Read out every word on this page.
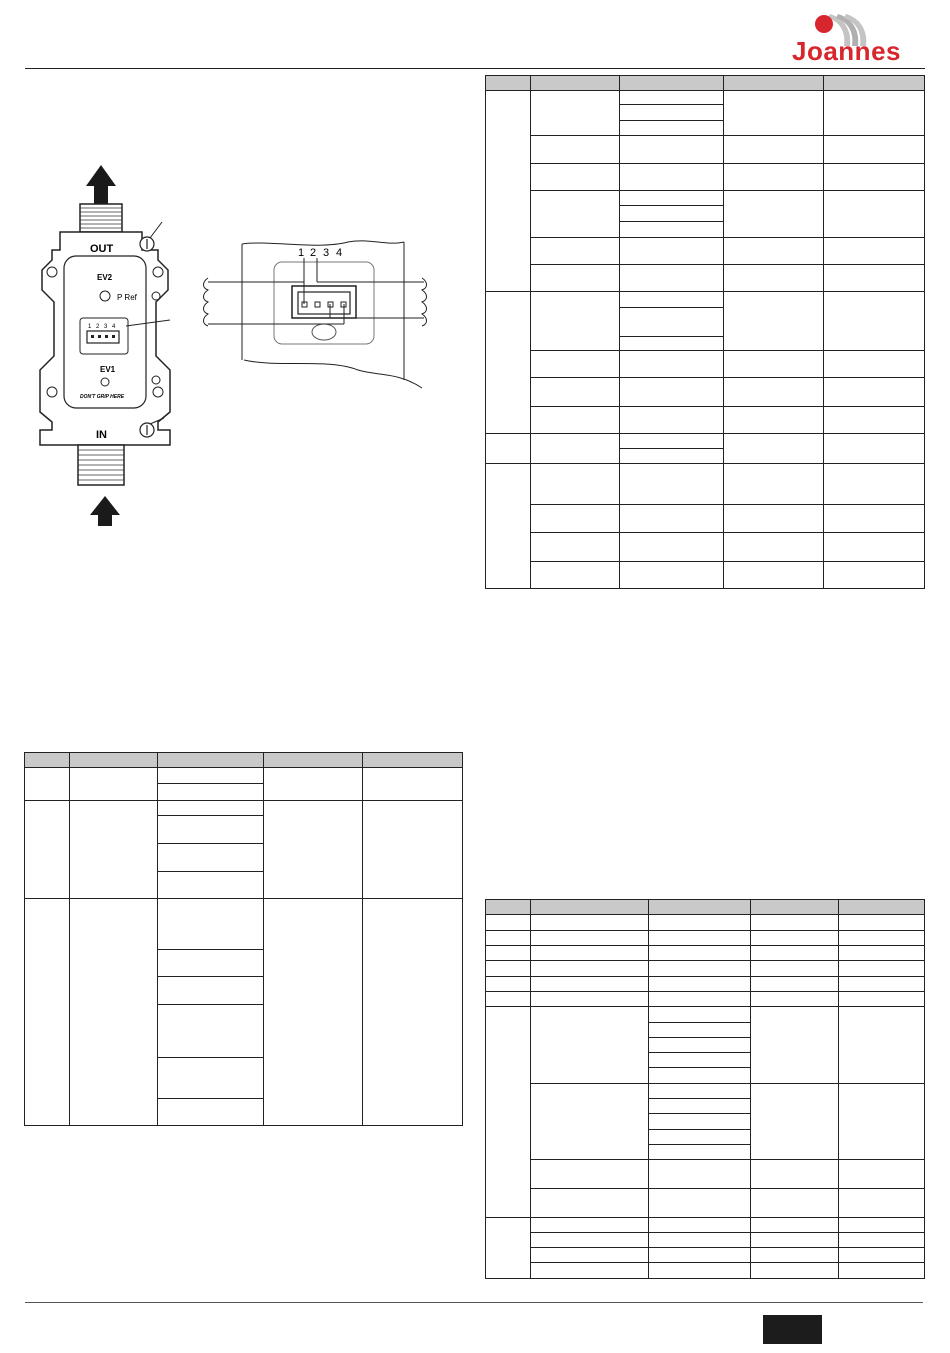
Joannes
OUT
EV2
P Ref
1 2 3 4
EV1
DON'T GRIP HERE
IN
1 2 3 4
